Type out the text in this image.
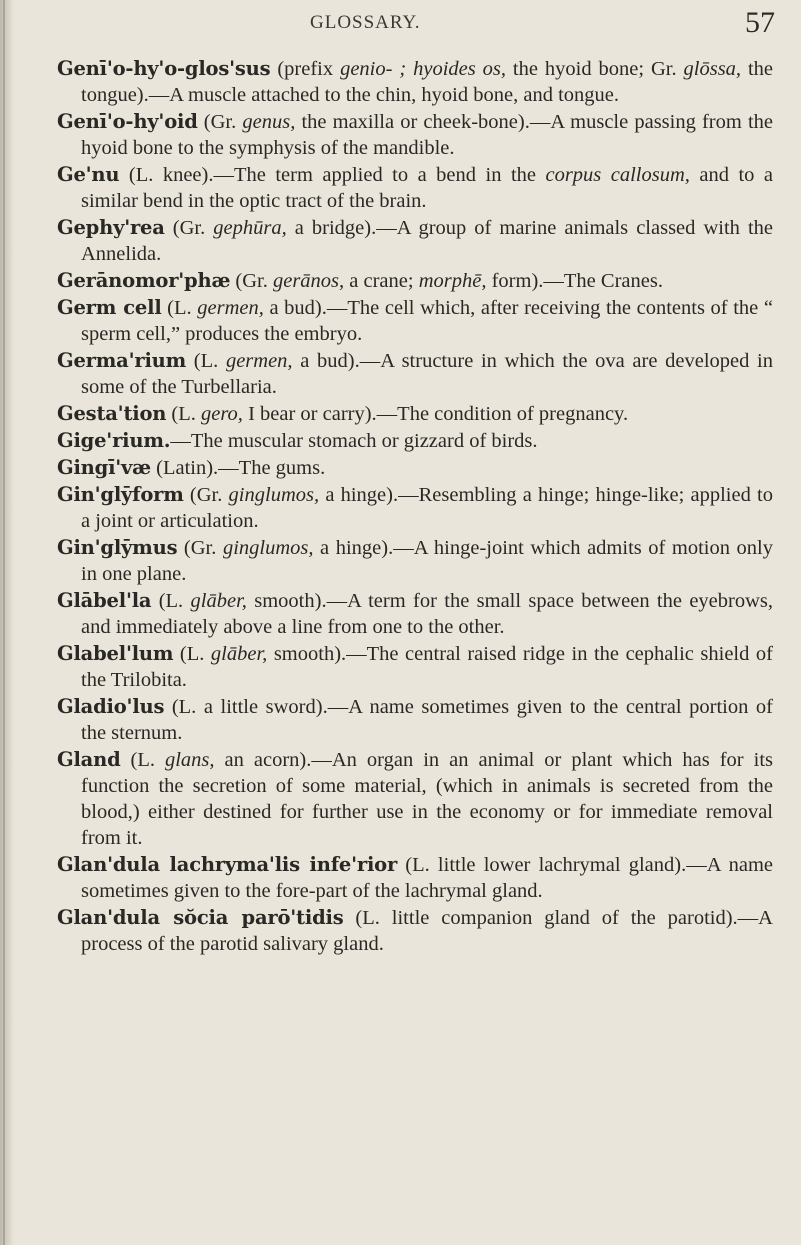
GLOSSARY.	57

Genī'o-hy'o-glos'sus (prefix genio- ; hyoides os, the hyoid bone; Gr. glōssa, the tongue).—A muscle attached to the chin, hyoid bone, and tongue.

Genī'o-hy'oid (Gr. genus, the maxilla or cheek-bone).—A muscle passing from the hyoid bone to the symphysis of the mandible.

Ge'nu (L. knee).—The term applied to a bend in the corpus callosum, and to a similar bend in the optic tract of the brain.

Gephy'rea (Gr. gephūra, a bridge).—A group of marine animals classed with the Annelida.

Gerānomor'phæ (Gr. gerānos, a crane; morphē, form).—The Cranes.

Germ cell (L. germen, a bud).—The cell which, after receiving the contents of the “ sperm cell,” produces the embryo.

Germa'rium (L. germen, a bud).—A structure in which the ova are developed in some of the Turbellaria.

Gesta'tion (L. gero, I bear or carry).—The condition of pregnancy.

Gige'rium.—The muscular stomach or gizzard of birds.

Gingī'væ (Latin).—The gums.

Gin'glȳform (Gr. ginglumos, a hinge).—Resembling a hinge; hinge-like; applied to a joint or articulation.

Gin'glȳmus (Gr. ginglumos, a hinge).—A hinge-joint which admits of motion only in one plane.

Glābel'la (L. glāber, smooth).—A term for the small space between the eyebrows, and immediately above a line from one to the other.

Glabel'lum (L. glāber, smooth).—The central raised ridge in the cephalic shield of the Trilobita.

Gladio'lus (L. a little sword).—A name sometimes given to the central portion of the sternum.

Gland (L. glans, an acorn).—An organ in an animal or plant which has for its function the secretion of some material, (which in animals is secreted from the blood,) either destined for further use in the economy or for immediate removal from it.

Glan'dula lachryma'lis infe'rior (L. little lower lachrymal gland).—A name sometimes given to the fore-part of the lachrymal gland.

Glan'dula sŏcia parō'tidis (L. little companion gland of the parotid).—A process of the parotid salivary gland.
